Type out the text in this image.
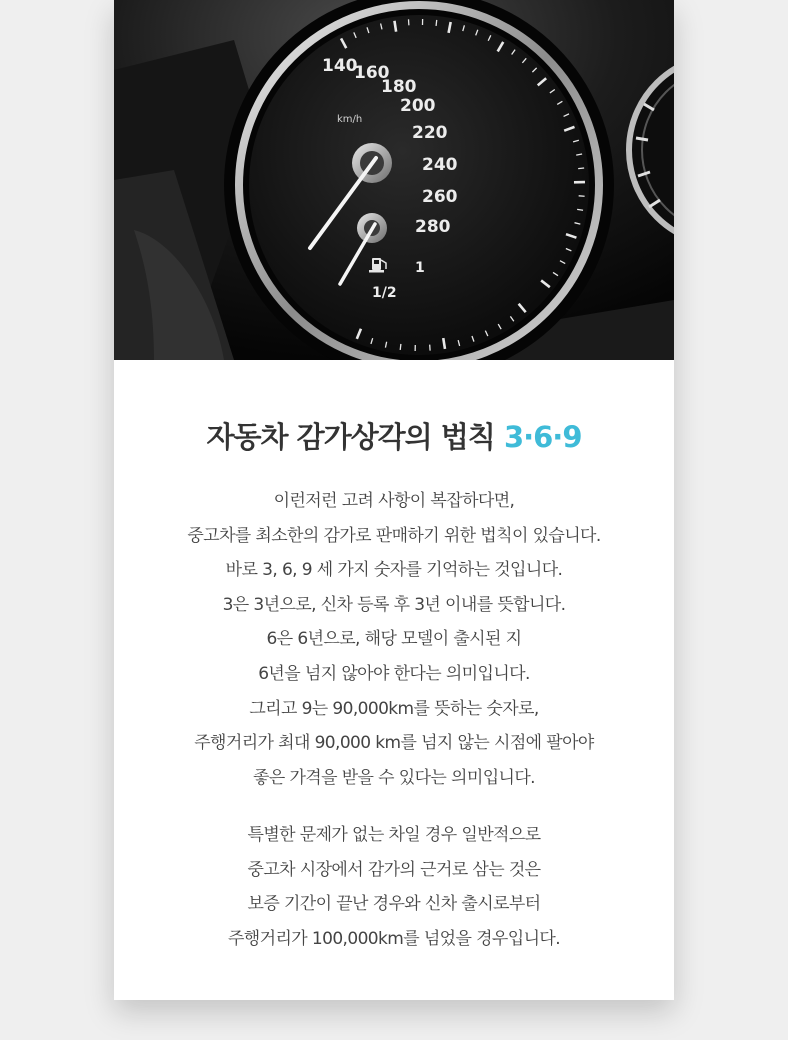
140
160
180
200
220
240
260
280
km/h
1
1/2
자동차 감가상각의 법칙 3·6·9
이런저런 고려 사항이 복잡하다면,
중고차를 최소한의 감가로 판매하기 위한 법칙이 있습니다.
바로 3, 6, 9 세 가지 숫자를 기억하는 것입니다.
3은 3년으로, 신차 등록 후 3년 이내를 뜻합니다.
6은 6년으로, 해당 모델이 출시된 지
6년을 넘지 않아야 한다는 의미입니다.
그리고 9는 90,000km를 뜻하는 숫자로,
주행거리가 최대 90,000 km를 넘지 않는 시점에 팔아야
좋은 가격을 받을 수 있다는 의미입니다.
특별한 문제가 없는 차일 경우 일반적으로
중고차 시장에서 감가의 근거로 삼는 것은
보증 기간이 끝난 경우와 신차 출시로부터
주행거리가 100,000km를 넘었을 경우입니다.
